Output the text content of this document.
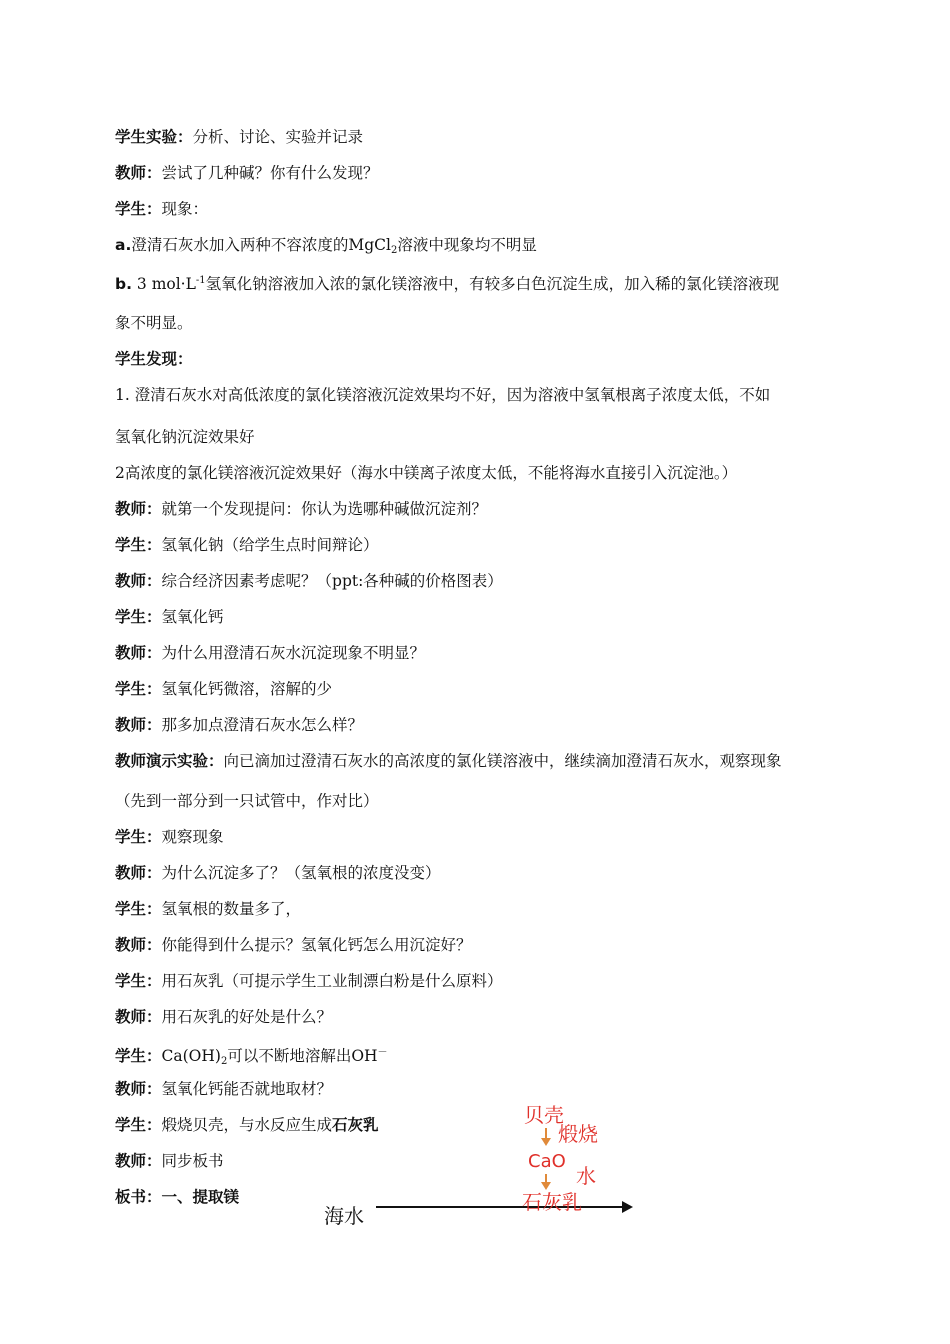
学生实验：分析、讨论、实验并记录
教师：尝试了几种碱？你有什么发现？
学生：现象：
a.澄清石灰水加入两种不容浓度的MgCl$_2$溶液中现象均不明显
b. 3 $mol\cdot L^{-1}$氢氧化钠溶液加入浓的氯化镁溶液中，有较多白色沉淀生成，加入稀的氯化镁溶液现
象不明显。
学生发现：
1. 澄清石灰水对高低浓度的氯化镁溶液沉淀效果均不好，因为溶液中氢氧根离子浓度太低，不如
氢氧化钠沉淀效果好
2高浓度的氯化镁溶液沉淀效果好（海水中镁离子浓度太低，不能将海水直接引入沉淀池。）
教师：就第一个发现提问：你认为选哪种碱做沉淀剂？
学生：氢氧化钠（给学生点时间辩论）
教师：综合经济因素考虑呢？（ppt:各种碱的价格图表）
学生：氢氧化钙
教师：为什么用澄清石灰水沉淀现象不明显？
学生：氢氧化钙微溶，溶解的少
教师：那多加点澄清石灰水怎么样？
教师演示实验：向已滴加过澄清石灰水的高浓度的氯化镁溶液中，继续滴加澄清石灰水，观察现象
（先到一部分到一只试管中，作对比）
学生：观察现象
教师：为什么沉淀多了？（氢氧根的浓度没变）
学生：氢氧根的数量多了，
教师：你能得到什么提示？氢氧化钙怎么用沉淀好？
学生：用石灰乳（可提示学生工业制漂白粉是什么原料）
教师：用石灰乳的好处是什么？
学生：$Ca(OH)_2$可以不断地溶解出OH－
教师：氢氧化钙能否就地取材？
学生：煅烧贝壳，与水反应生成石灰乳
教师：同步板书
板书：一、提取镁
海水
贝壳
煅烧
CaO
水
石灰乳
